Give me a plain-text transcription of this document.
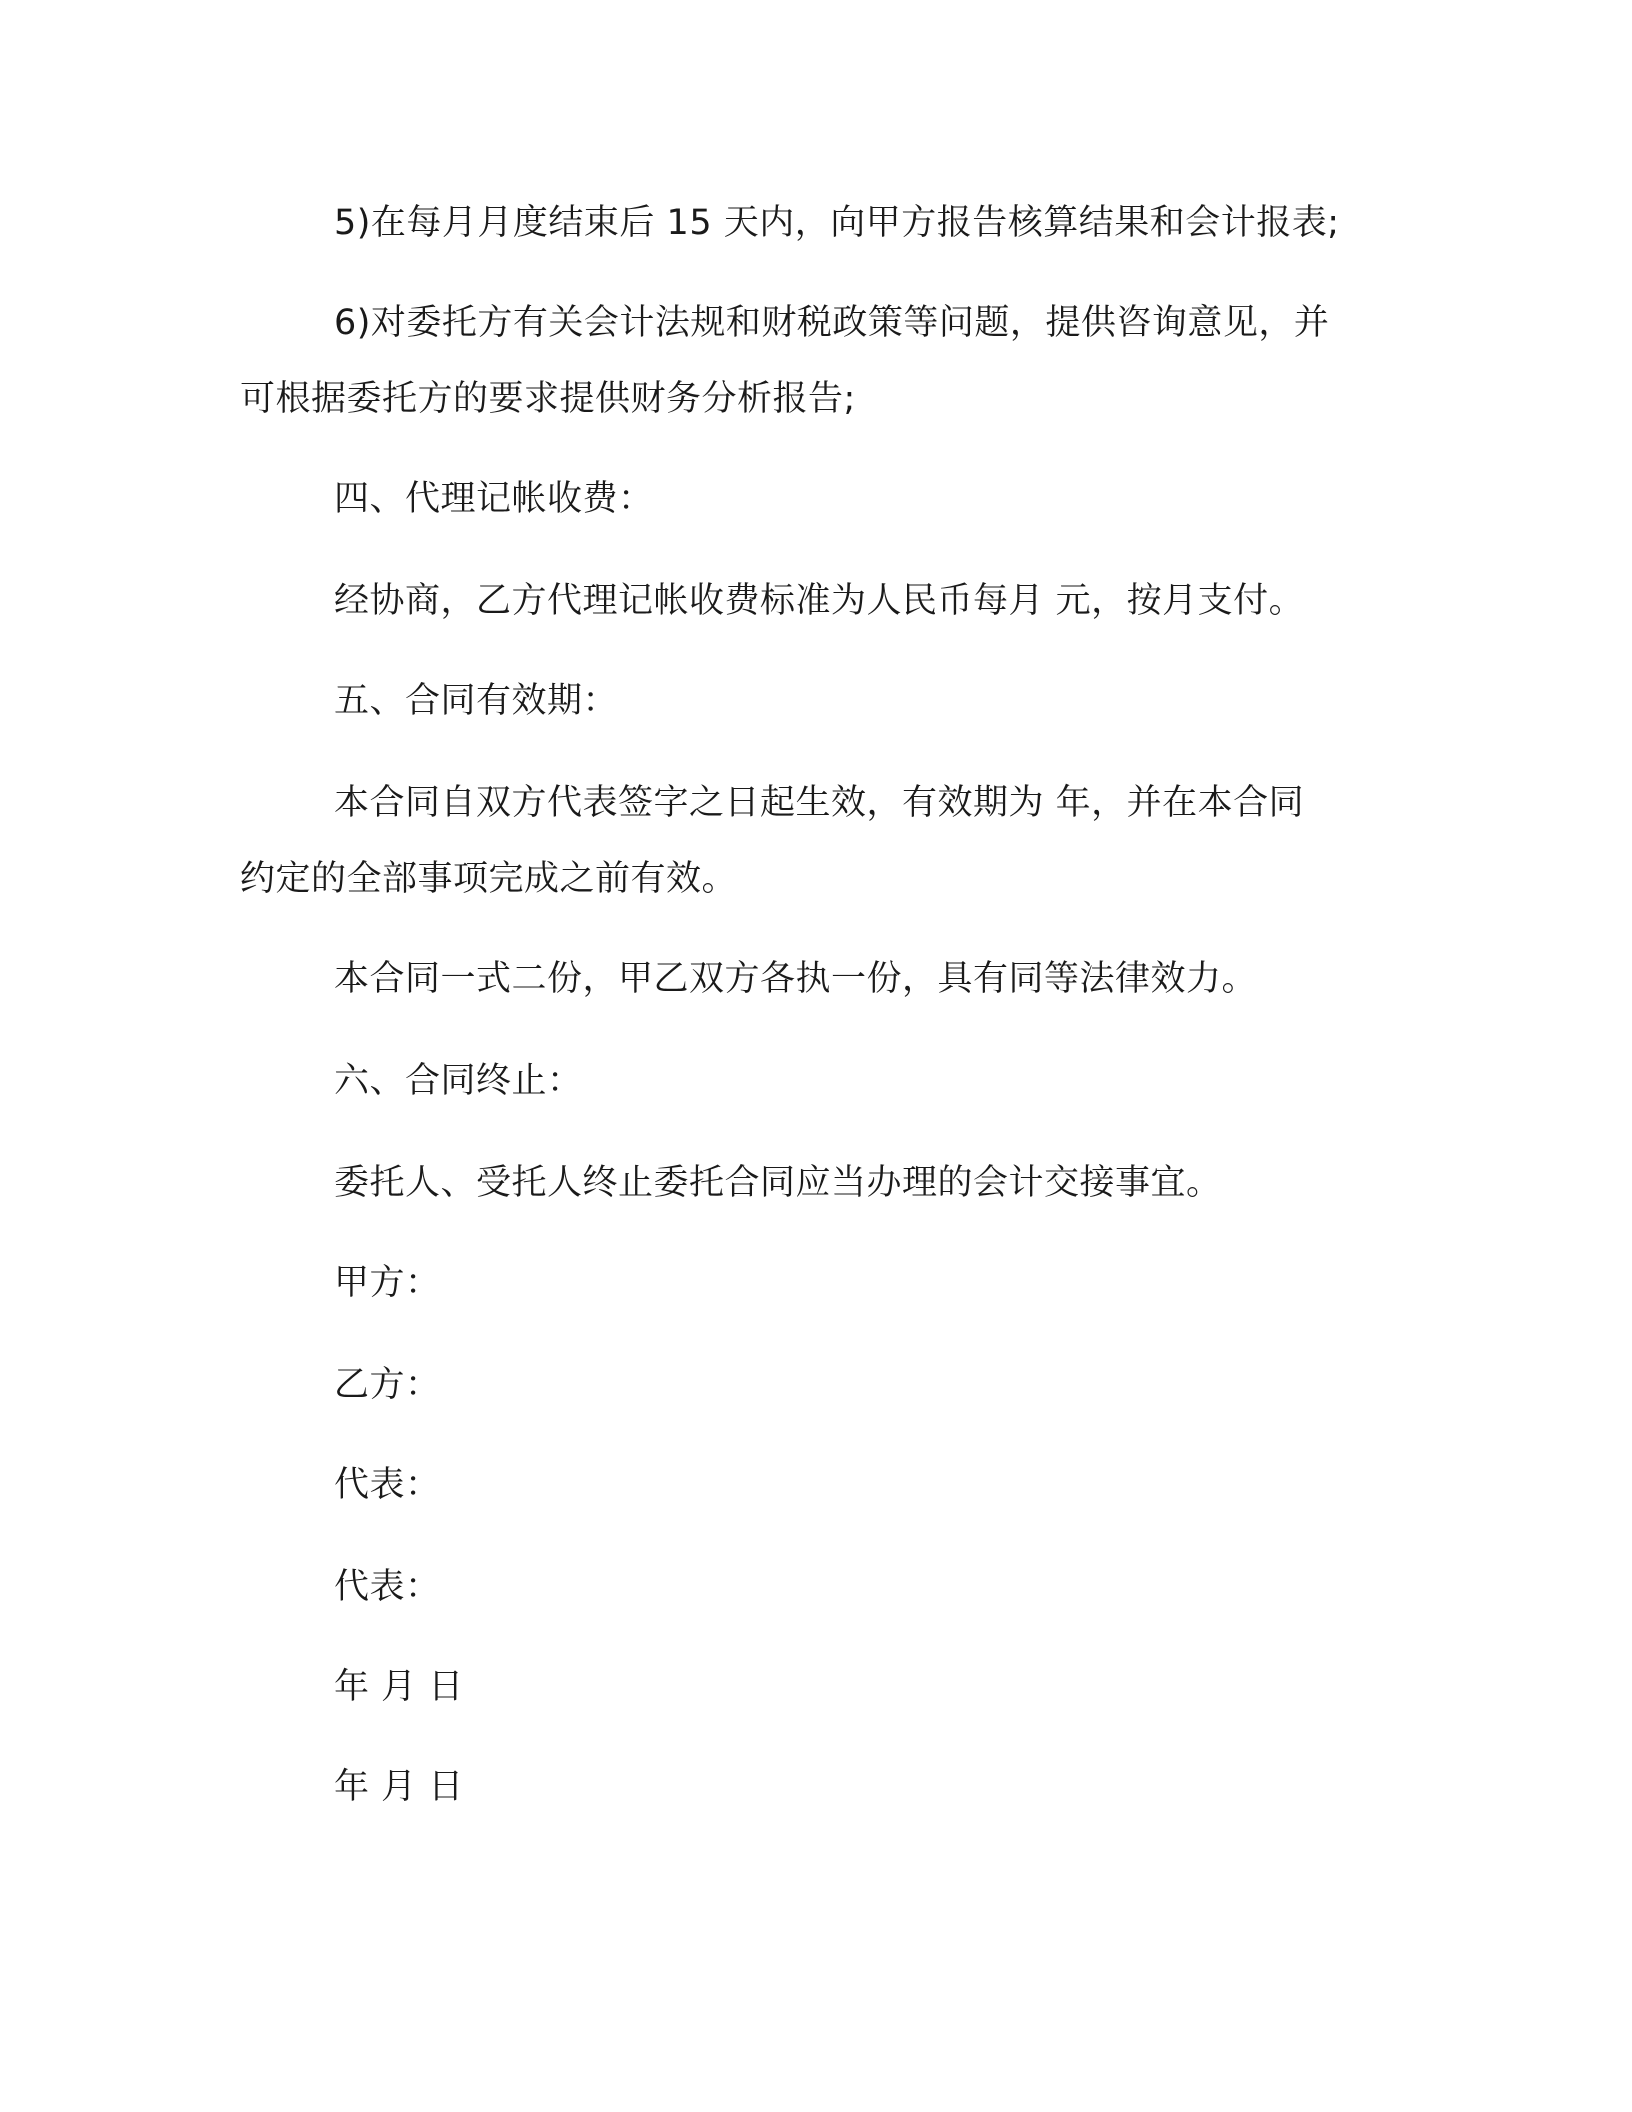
5)在每月月度结束后 15 天内，向甲方报告核算结果和会计报表;

6)对委托方有关会计法规和财税政策等问题，提供咨询意见，并

可根据委托方的要求提供财务分析报告;

四、代理记帐收费：

经协商，乙方代理记帐收费标准为人民币每月 元，按月支付。

五、合同有效期：

本合同自双方代表签字之日起生效，有效期为 年，并在本合同

约定的全部事项完成之前有效。

本合同一式二份，甲乙双方各执一份，具有同等法律效力。

六、合同终止：

委托人、受托人终止委托合同应当办理的会计交接事宜。

甲方：

乙方：

代表：

代表：

年 月 日

年 月 日
